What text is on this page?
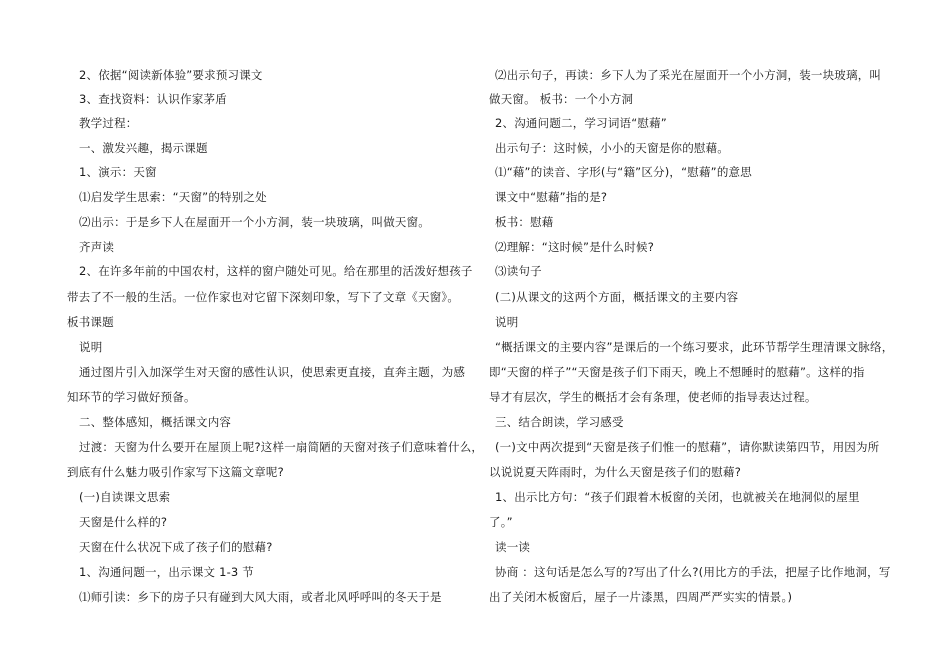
2、依据“阅读新体验”要求预习课文
3、查找资料：认识作家茅盾
教学过程：
一、激发兴趣，揭示课题
1、演示：天窗
⑴启发学生思索：“天窗”的特别之处
⑵出示：于是乡下人在屋面开一个小方洞，装一块玻璃，叫做天窗。
齐声读
2、在许多年前的中国农村，这样的窗户随处可见。给在那里的活泼好想孩子
带去了不一般的生活。一位作家也对它留下深刻印象，写下了文章《天窗》。
板书课题
说明
通过图片引入加深学生对天窗的感性认识，使思索更直接，直奔主题，为感
知环节的学习做好预备。
二、整体感知，概括课文内容
过渡：天窗为什么要开在屋顶上呢?这样一扇简陋的天窗对孩子们意味着什么，
到底有什么魅力吸引作家写下这篇文章呢?
(一)自读课文思索
天窗是什么样的?
天窗在什么状况下成了孩子们的慰藉?
1、沟通问题一，出示课文 1-3 节
⑴师引读：乡下的房子只有碰到大风大雨，或者北风呼呼叫的冬天于是
⑵出示句子，再读：乡下人为了采光在屋面开一个小方洞，装一块玻璃，叫
做天窗。 板书：一个小方洞
2、沟通问题二，学习词语“慰藉”
出示句子：这时候，小小的天窗是你的慰藉。
⑴“藉”的读音、字形(与“籍”区分)，“慰藉”的意思
课文中“慰藉”指的是?
板书：慰藉
⑵理解：“这时候”是什么时候?
⑶读句子
(二)从课文的这两个方面，概括课文的主要内容
说明
“概括课文的主要内容”是课后的一个练习要求，此环节帮学生理清课文脉络，
即“天窗的样子”“天窗是孩子们下雨天，晚上不想睡时的慰藉”。这样的指
导才有层次，学生的概括才会有条理，使老师的指导表达过程。
三、结合朗读，学习感受
(一)文中两次提到“天窗是孩子们惟一的慰藉”，请你默读第四节，用因为所
以说说夏天阵雨时，为什么天窗是孩子们的慰藉?
1、出示比方句：“孩子们跟着木板窗的关闭，也就被关在地洞似的屋里
了。”
读一读
协商 ：这句话是怎么写的?写出了什么?(用比方的手法，把屋子比作地洞，写
出了关闭木板窗后，屋子一片漆黑，四周严严实实的情景。)
